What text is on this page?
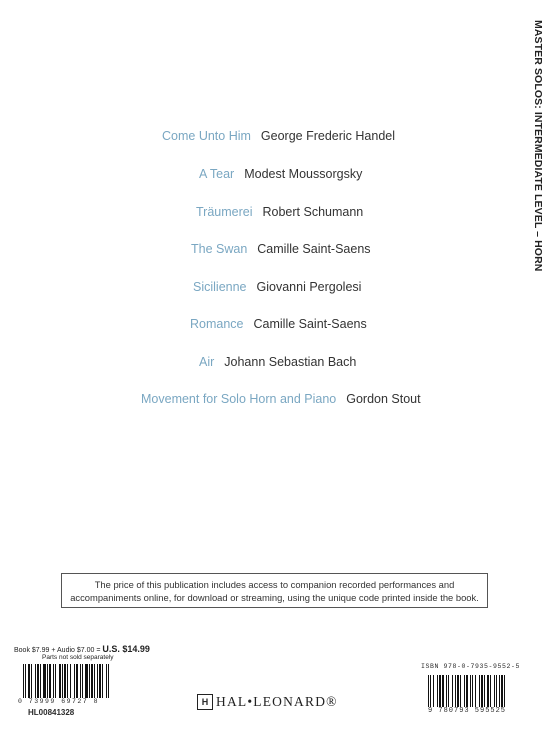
MASTER SOLOS: INTERMEDIATE LEVEL – HORN
Come Unto Him George Frederic Handel
A Tear Modest Moussorgsky
Träumerei Robert Schumann
The Swan Camille Saint-Saens
Sicilienne Giovanni Pergolesi
Romance Camille Saint-Saens
Air Johann Sebastian Bach
Movement for Solo Horn and Piano Gordon Stout
The price of this publication includes access to companion recorded performances and accompaniments online, for download or streaming, using the unique code printed inside the book.
Book $7.99 + Audio $7.00 = U.S. $14.99
Parts not sold separately
0 73999 69727 8
HL00841328
H HAL•LEONARD®
ISBN 978-0-7935-9552-5
9 780793 595525
